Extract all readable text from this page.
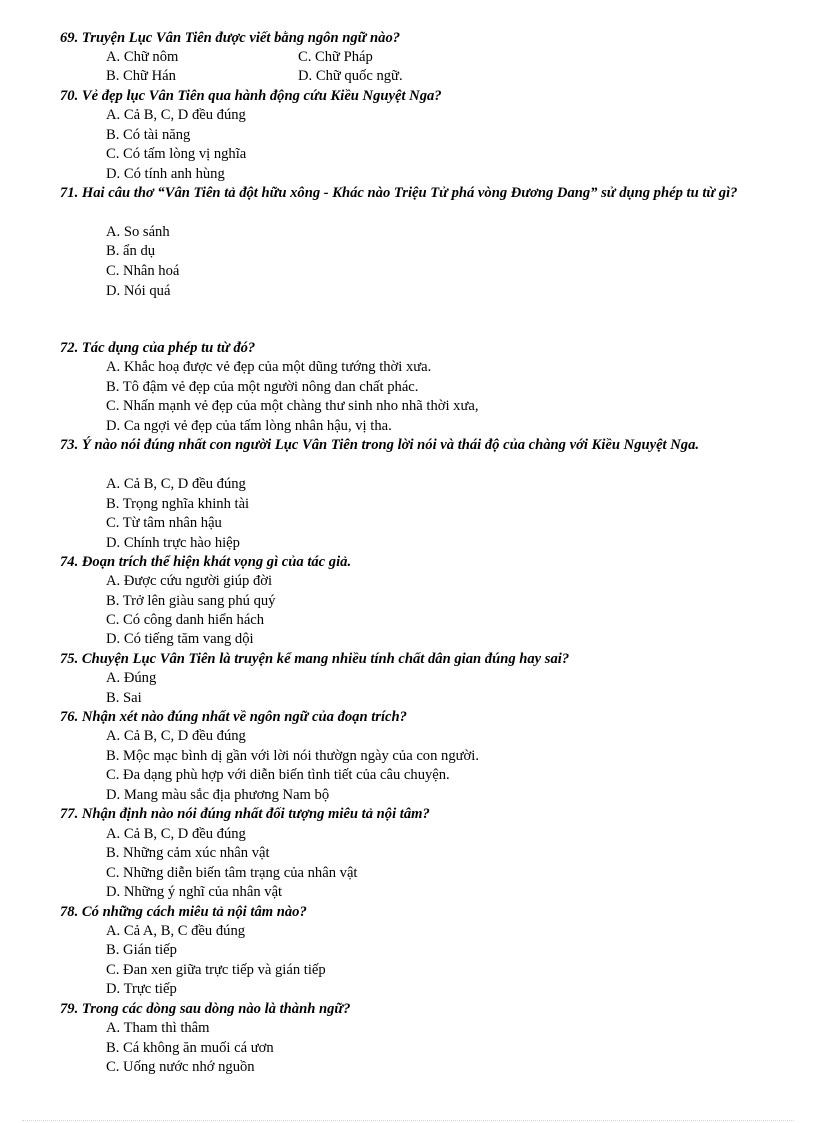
69. Truyện Lục Vân Tiên được viết bằng ngôn ngữ nào?
A. Chữ nôm	C. Chữ Pháp
B. Chữ Hán	D. Chữ quốc ngữ.
70. Vẻ đẹp lục Vân Tiên qua hành động cứu Kiều Nguyệt Nga?
A. Cả B, C, D đều đúng
B. Có tài năng
C. Có tấm lòng vị nghĩa
D. Có tính anh hùng
71. Hai câu thơ “Vân Tiên tả đột hữu xông - Khác nào Triệu Tử phá vòng Đương Dang” sử dụng phép tu từ gì?
A. So sánh
B. ẩn dụ
C. Nhân hoá
D. Nói quá
72. Tác dụng của phép tu từ đó?
A. Khắc hoạ được vẻ đẹp của một dũng tướng thời xưa.
B. Tô đậm vẻ đẹp của một người nông dan chất phác.
C. Nhấn mạnh vẻ đẹp của một chàng thư sinh nho nhã thời xưa,
D. Ca ngợi vẻ đẹp của tấm lòng nhân hậu, vị tha.
73. Ý nào nói đúng nhất con người Lục Vân Tiên trong lời nói và thái độ của chàng với Kiều Nguyệt Nga.
A. Cả B, C, D đều đúng
B. Trọng nghĩa khinh tài
C. Từ tâm nhân hậu
D. Chính trực hào hiệp
74. Đoạn trích thể hiện khát vọng gì của tác giả.
A. Được cứu người giúp đời
B. Trở lên giàu sang phú quý
C. Có công danh hiển hách
D. Có tiếng tăm vang dội
75. Chuyện Lục Vân Tiên là truyện kể mang nhiều tính chất dân gian đúng hay sai?
A. Đúng
B. Sai
76. Nhận xét nào đúng nhất về ngôn ngữ của đoạn trích?
A. Cả B, C, D đều đúng
B. Mộc mạc bình dị gần với lời nói thườgn ngày của con người.
C. Đa dạng phù hợp với diễn biến tình tiết của câu chuyện.
D. Mang màu sắc địa phương Nam bộ
77. Nhận định nào nói đúng nhất đối tượng miêu tả nội tâm?
A. Cả B, C, D đều đúng
B. Những cảm xúc nhân vật
C. Những diễn biến tâm trạng của nhân vật
D. Những ý nghĩ của nhân vật
78. Có những cách miêu tả nội tâm nào?
A. Cả A, B, C đều đúng
B. Gián tiếp
C. Đan xen giữa trực tiếp và gián tiếp
D. Trực tiếp
79. Trong các dòng sau dòng nào là thành ngữ?
A. Tham thì thâm
B. Cá không ăn muối cá ươn
C. Uống nước nhớ nguồn
